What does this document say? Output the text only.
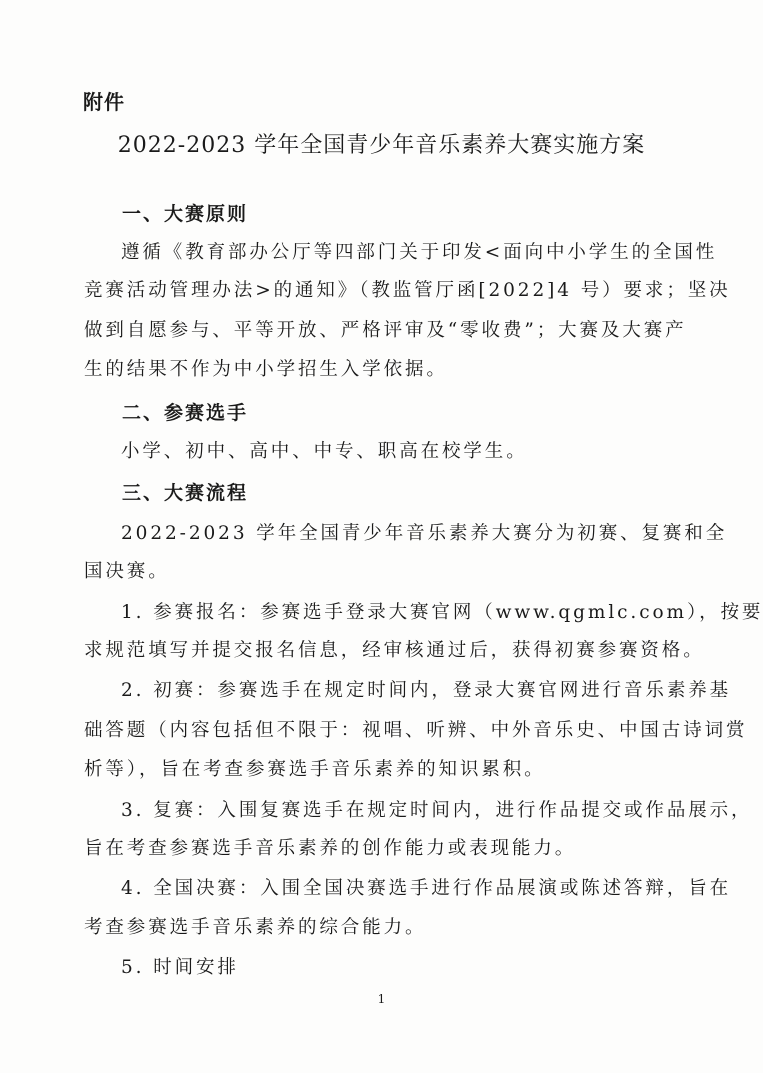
附件
2022-2023 学年全国青少年音乐素养大赛实施方案
一、大赛原则
遵循《教育部办公厅等四部门关于印发<面向中小学生的全国性
竞赛活动管理办法>的通知》（教监管厅函[2022]4 号）要求；坚决
做到自愿参与、平等开放、严格评审及“零收费”；大赛及大赛产
生的结果不作为中小学招生入学依据。
二、参赛选手
小学、初中、高中、中专、职高在校学生。
三、大赛流程
2022-2023 学年全国青少年音乐素养大赛分为初赛、复赛和全
国决赛。
1. 参赛报名：参赛选手登录大赛官网（www.qgmlc.com），按要
求规范填写并提交报名信息，经审核通过后，获得初赛参赛资格。
2. 初赛：参赛选手在规定时间内，登录大赛官网进行音乐素养基
础答题（内容包括但不限于：视唱、听辨、中外音乐史、中国古诗词赏
析等），旨在考查参赛选手音乐素养的知识累积。
3. 复赛：入围复赛选手在规定时间内，进行作品提交或作品展示，
旨在考查参赛选手音乐素养的创作能力或表现能力。
4. 全国决赛：入围全国决赛选手进行作品展演或陈述答辩，旨在
考查参赛选手音乐素养的综合能力。
5. 时间安排
1
